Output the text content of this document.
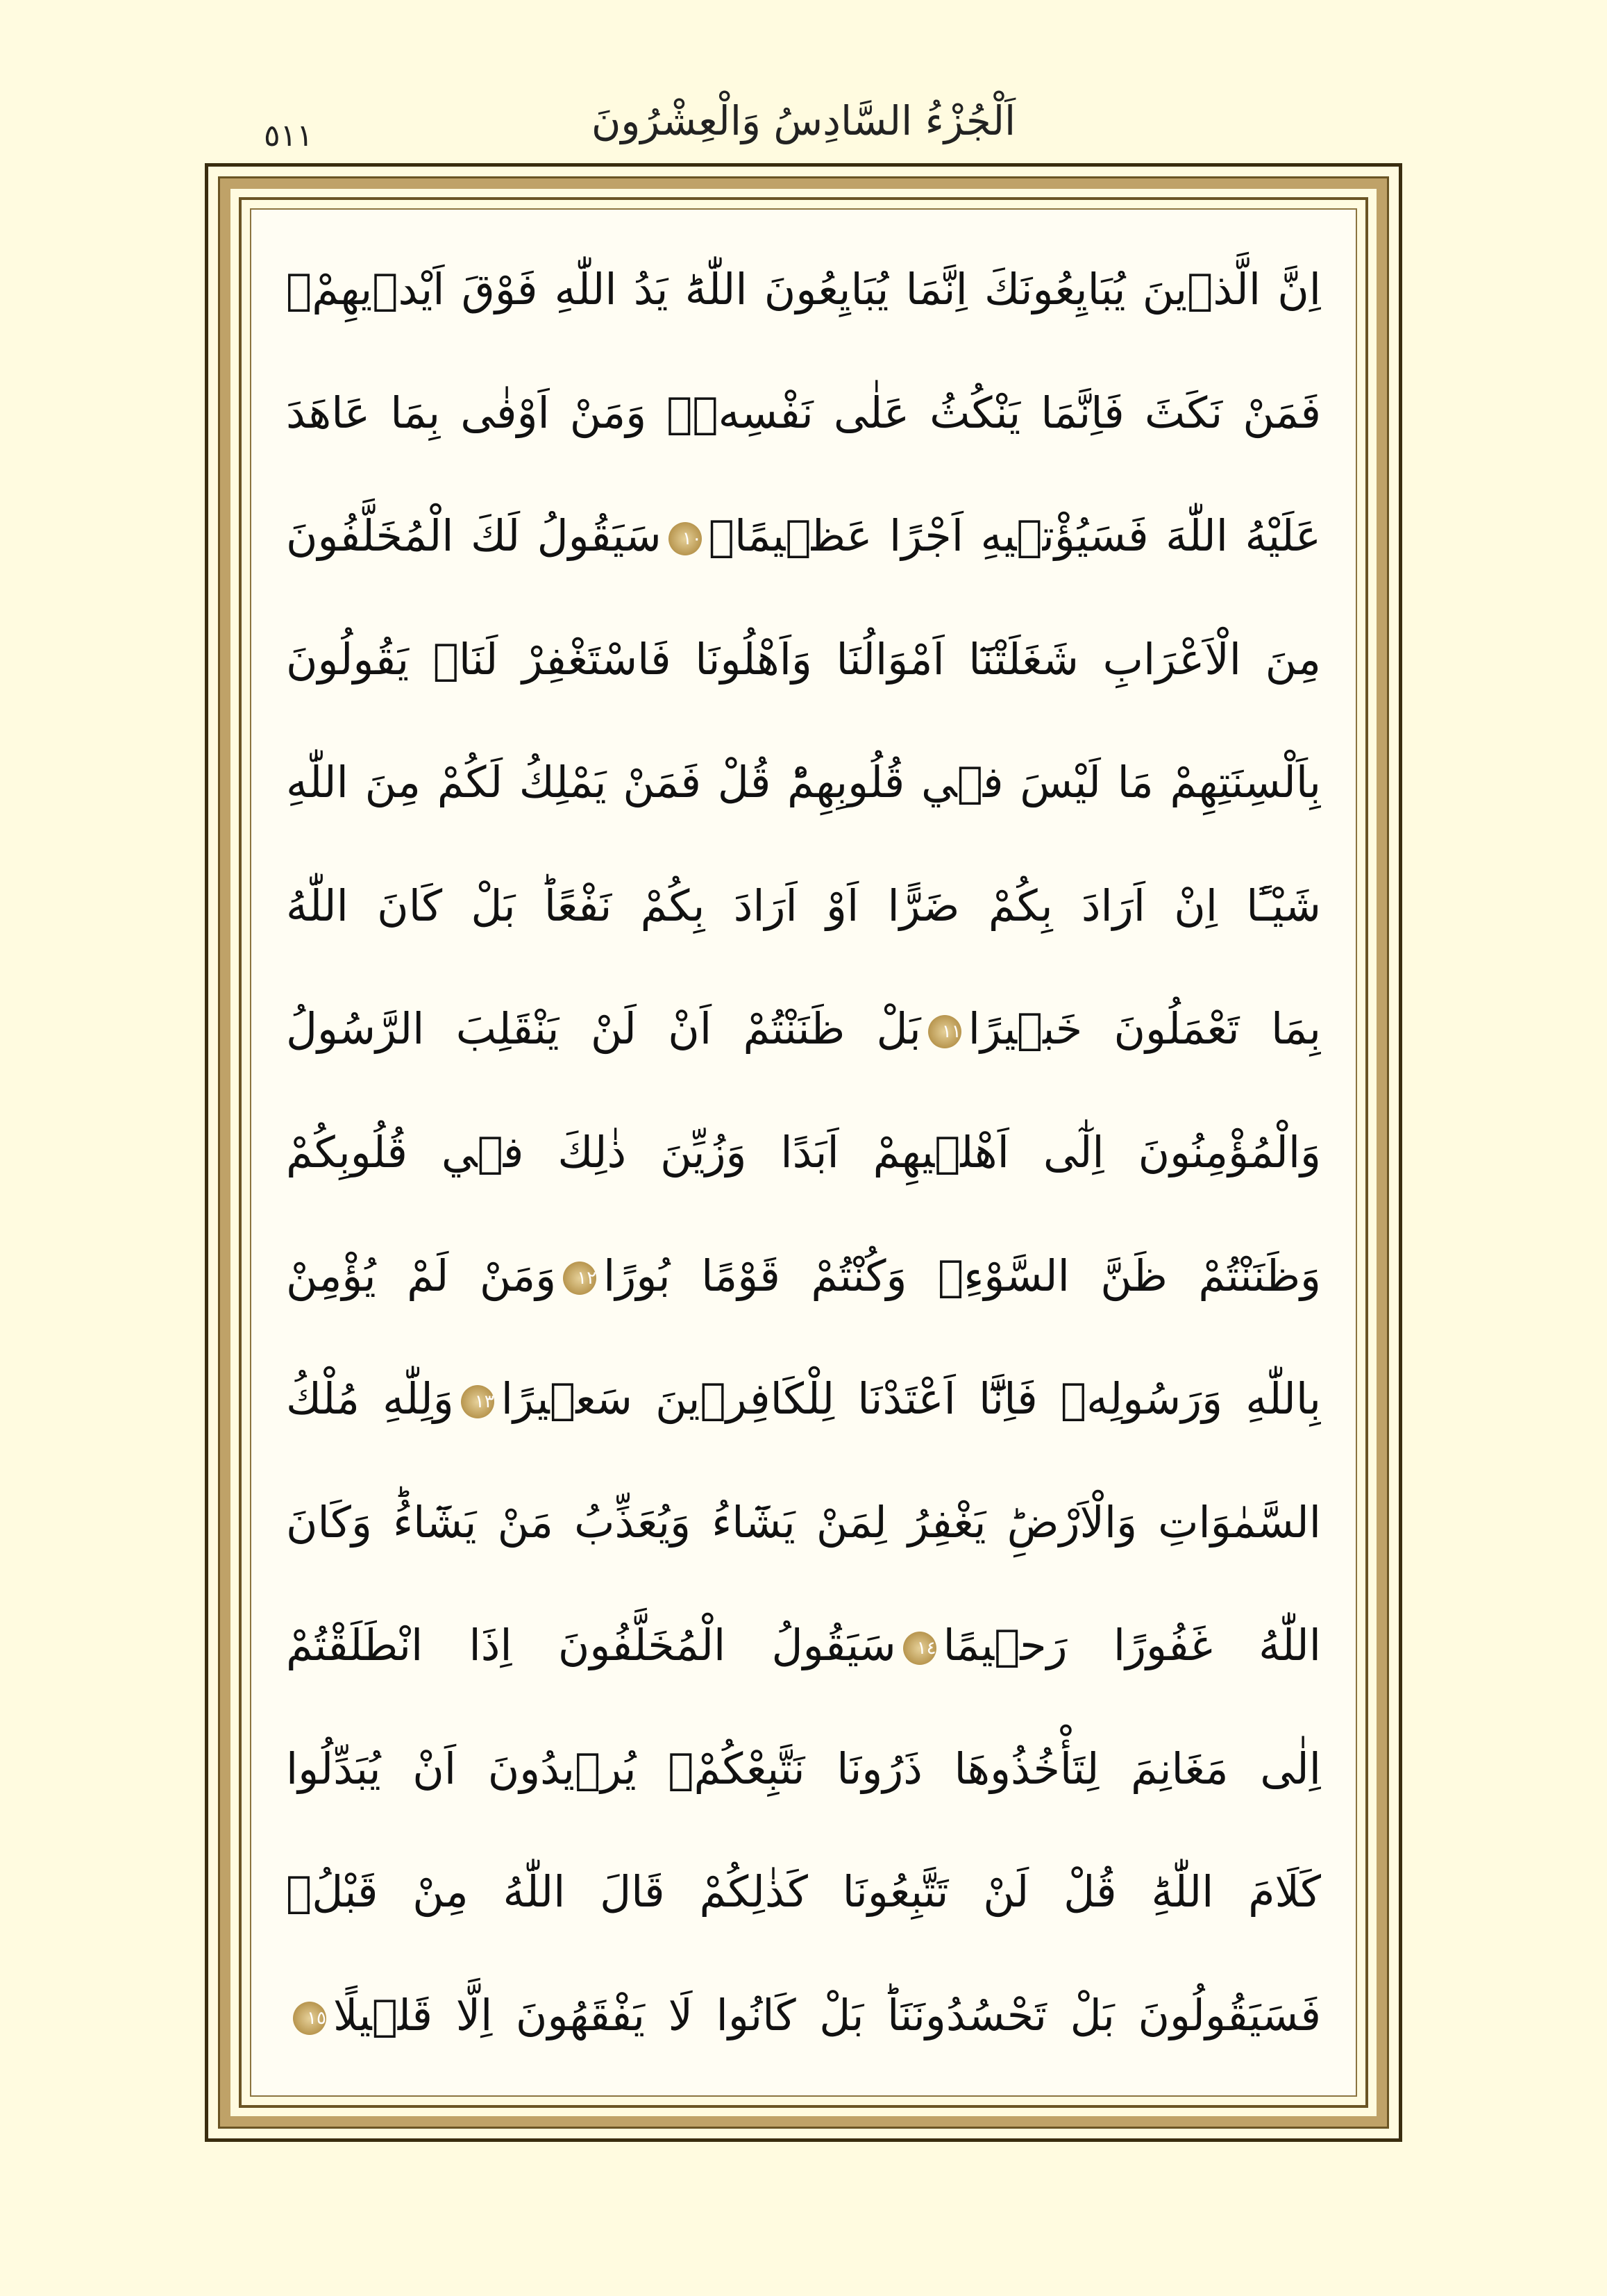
٥١١	اَلْجُزْءُ السَّادِسُ وَالْعِشْرُونَ
اِنَّ الَّذ۪ينَ يُبَايِعُونَكَ اِنَّمَا يُبَايِعُونَ اللّٰهَؕ يَدُ اللّٰهِ فَوْقَ اَيْد۪يهِمْۚ
فَمَنْ نَكَثَ فَاِنَّمَا يَنْكُثُ عَلٰى نَفْسِه۪ۚ وَمَنْ اَوْفٰى بِمَا عَاهَدَ
عَلَيْهُ اللّٰهَ فَسَيُؤْت۪يهِ اَجْرًا عَظ۪يمًا۟١٠سَيَقُولُ لَكَ الْمُخَلَّفُونَ
مِنَ الْاَعْرَابِ شَغَلَتْنَٓا اَمْوَالُنَا وَاَهْلُونَا فَاسْتَغْفِرْ لَنَاۚ يَقُولُونَ
بِاَلْسِنَتِهِمْ مَا لَيْسَ ف۪ي قُلُوبِهِمْؕ قُلْ فَمَنْ يَمْلِكُ لَكُمْ مِنَ اللّٰهِ
شَيْـًٔا اِنْ اَرَادَ بِكُمْ ضَرًّا اَوْ اَرَادَ بِكُمْ نَفْعًاؕ بَلْ كَانَ اللّٰهُ
بِمَا تَعْمَلُونَ خَب۪يرًا١١بَلْ ظَنَنْتُمْ اَنْ لَنْ يَنْقَلِبَ الرَّسُولُ
وَالْمُؤْمِنُونَ اِلٰٓى اَهْل۪يهِمْ اَبَدًا وَزُيِّنَ ذٰلِكَ ف۪ي قُلُوبِكُمْ
وَظَنَنْتُمْ ظَنَّ السَّوْءِۚ وَكُنْتُمْ قَوْمًا بُورًا١٢وَمَنْ لَمْ يُؤْمِنْ
بِاللّٰهِ وَرَسُولِه۪ فَاِنَّٓا اَعْتَدْنَا لِلْكَافِر۪ينَ سَع۪يرًا١٣وَلِلّٰهِ مُلْكُ
السَّمٰوَاتِ وَالْاَرْضِؕ يَغْفِرُ لِمَنْ يَشَٓاءُ وَيُعَذِّبُ مَنْ يَشَٓاءُؕ وَكَانَ
اللّٰهُ غَفُورًا رَح۪يمًا١٤سَيَقُولُ الْمُخَلَّفُونَ اِذَا انْطَلَقْتُمْ
اِلٰى مَغَانِمَ لِتَأْخُذُوهَا ذَرُونَا نَتَّبِعْكُمْۚ يُر۪يدُونَ اَنْ يُبَدِّلُوا
كَلَامَ اللّٰهِؕ قُلْ لَنْ تَتَّبِعُونَا كَذٰلِكُمْ قَالَ اللّٰهُ مِنْ قَبْلُۚ
فَسَيَقُولُونَ بَلْ تَحْسُدُونَنَاؕ بَلْ كَانُوا لَا يَفْقَهُونَ اِلَّا قَل۪يلًا١٥
